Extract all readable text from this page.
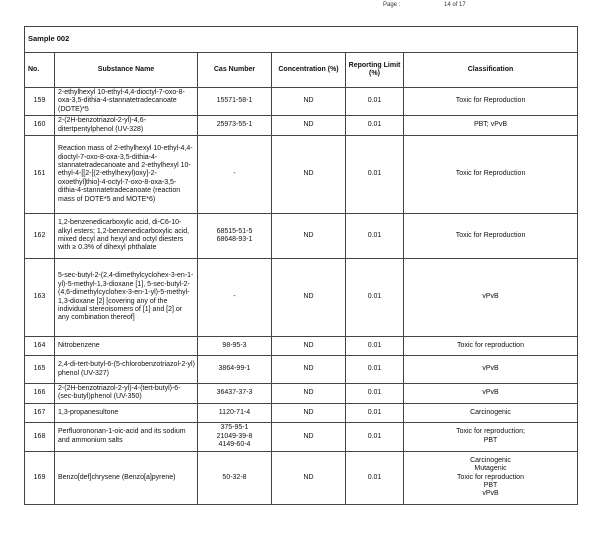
Page :	14 of 17
Sample 002					
No.	Substance Name	Cas Number	Concentration (%)	Reporting Limit (%)	Classification
159	2-ethylhexyl 10-ethyl-4,4-dioctyl-7-oxo-8-oxa-3,5-dithia-4-stannatetradecanoate (DOTE)*5	15571-58-1	ND	0.01	Toxic for Reproduction

160	2-(2H-benzotriazol-2-yl)-4,6-ditertpentylphenol (UV-328)	25973-55-1	ND	0.01	PBT; vPvB

161	Reaction mass of 2-ethylhexyl 10-ethyl-4,4-dioctyl-7-oxo-8-oxa-3,5-dithia-4-stannatetradecanoate and 2-ethylhexyl 10-ethyl-4-[[2-[(2-ethylhexyl)oxy]-2-oxoethyl]thio]-4-octyl-7-oxo-8-oxa-3,5-dithia-4-stannatetradecanoate (reaction mass of DOTE*5 and MOTE*6)	-	ND	0.01	Toxic for Reproduction

162	1,2-benzenedicarboxylic acid, di-C6-10-alkyl esters; 1,2-benzenedicarboxylic acid, mixed decyl and hexyl and octyl diesters with ≥ 0.3% of dihexyl phthalate	68515-51-5
68648-93-1	ND	0.01	Toxic for Reproduction

163	5-sec-butyl-2-(2,4-dimethylcyclohex-3-en-1-yl)-5-methyl-1,3-dioxane [1], 5-sec-butyl-2-(4,6-dimethylcyclohex-3-en-1-yl)-5-methyl-1,3-dioxane [2] [covering any of the individual stereoisomers of [1] and [2] or any combination thereof]	-	ND	0.01	vPvB

164	Nitrobenzene	98-95-3	ND	0.01	Toxic for reproduction

165	2,4-di-tert-butyl-6-(5-chlorobenzotriazol-2-yl) phenol (UV-327)	3864-99-1	ND	0.01	vPvB

166	2-(2H-benzotriazol-2-yl)-4-(tert-butyl)-6-(sec-butyl)phenol (UV-350)	36437-37-3	ND	0.01	vPvB

167	1,3-propanesultone	1120-71-4	ND	0.01	Carcinogenic

168	Perfluorononan-1-oic-acid and its sodium and ammonium salts	375-95-1
21049-39-8
4149-60-4	ND	0.01	Toxic for reproduction;
PBT

169	Benzo[def]chrysene (Benzo[a]pyrene)	50-32-8	ND	0.01	Carcinogenic
Mutagenic
Toxic for reproduction
PBT
vPvB
